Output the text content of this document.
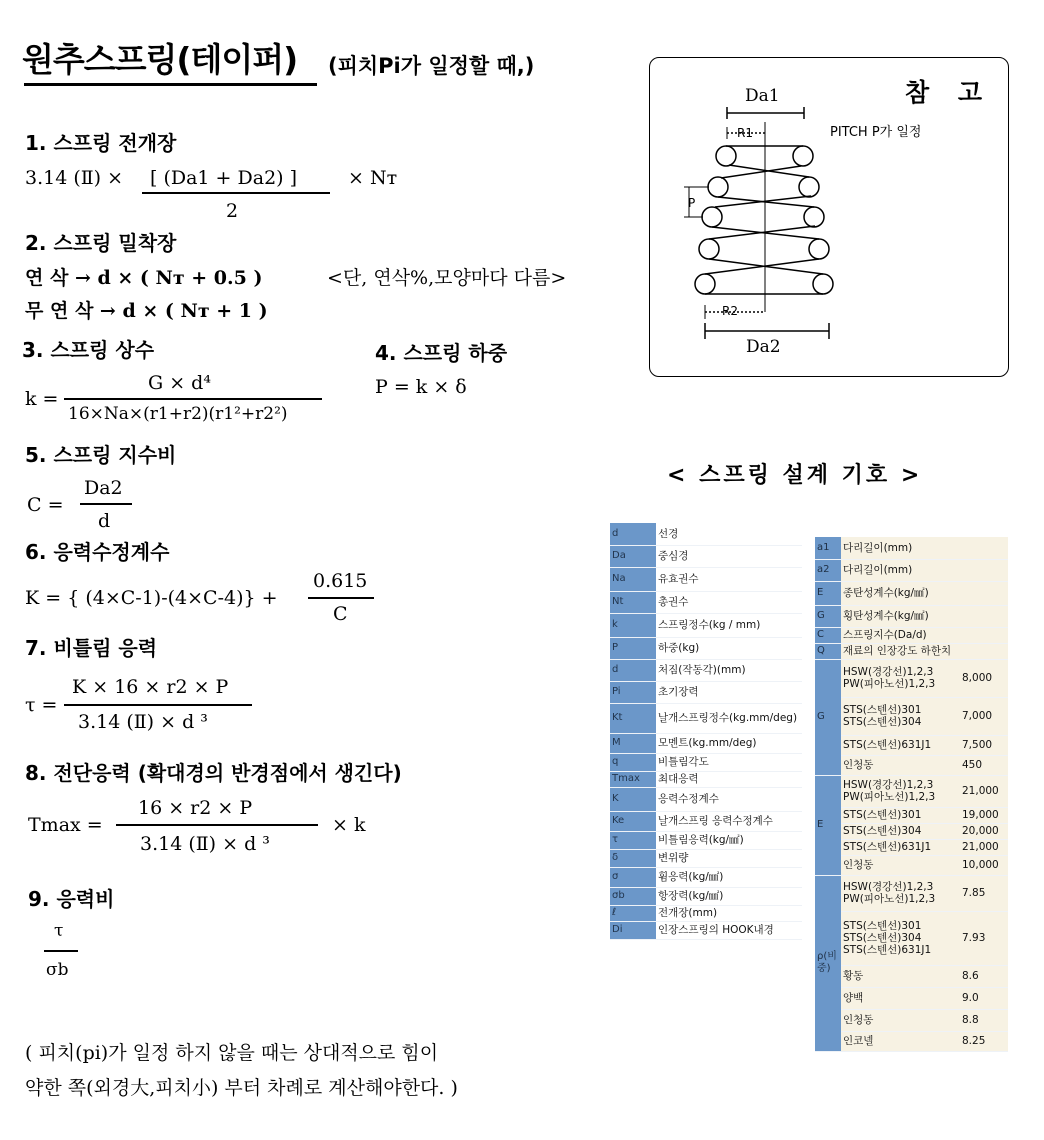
원추스프링(테이퍼) (피치Pi가 일정할 때,)
1. 스프링 전개장
3.14 (Ⅱ) × [ (Da1 + Da2) ]	× Nт
2
2. 스프링 밀착장
연 삭 → d × ( Nт + 0.5 )	<단, 연삭%,모양마다 다름>
무 연 삭 → d × ( Nт + 1 )
3. 스프링 상수
k =
G × d⁴
16×Na×(r1+r2)(r1²+r2²)
4. 스프링 하중
P = k × δ
5. 스프링 지수비
C =
Da2
d
6. 응력수정계수
K = { (4×C-1)-(4×C-4)} +
0.615
C
7. 비틀림 응력
τ =
K × 16 × r2 × P
3.14 (Ⅱ) × d ³
8. 전단응력 (확대경의 반경점에서 생긴다)
Tmax =
16 × r2 × P
3.14 (Ⅱ) × d ³
× k
9. 응력비
τ
σb
( 피치(pi)가 일정 하지 않을 때는 상대적으로 힘이
약한 쪽(외경大,피치小) 부터 차례로 계산해야한다. )
참 고
PITCH P가 일정
Da1
R1
P
R2
Da2
< 스프링 설계 기호 >
d	선경
Da	중심경
Na	유효권수
Nt	총권수
k	스프링정수(kg / mm)
P	하중(kg)
d	처짐(작동각)(mm)
Pi	초기장력
Kt	날개스프링정수(kg.mm/deg)
M	모멘트(kg.mm/deg)
q	비틀림각도
Tmax	최대응력
K	응력수정계수
Ke	날개스프링 응력수정계수
τ	비틀림응력(kg/㎟)
δ	변위량
σ	휨응력(kg/㎟)
σb	항장력(kg/㎟)
ℓ	전개장(mm)
Di	인장스프링의 HOOK내경
a1	다리길이(mm)	
a2	다리길이(mm)	
E	종탄성계수(kg/㎟)	
G	횡탄성계수(kg/㎟)	
C	스프링지수(Da/d)	
Q	재료의 인장강도 하한치	
G	HSW(경강선)1,2,3
PW(피아노선)1,2,3	8,000
	STS(스텐선)301
STS(스텐선)304	7,000
	STS(스텐선)631J1	7,500
	인청동	450
E	HSW(경강선)1,2,3
PW(피아노선)1,2,3	21,000
	STS(스텐선)301	19,000
	STS(스텐선)304	20,000
	STS(스텐선)631J1	21,000
	인청동	10,000
ρ(비중)	HSW(경강선)1,2,3
PW(피아노선)1,2,3	7.85
	STS(스텐선)301
STS(스텐선)304
STS(스텐선)631J1	7.93
	황동	8.6
	양백	9.0
	인청동	8.8
	인코넬	8.25
